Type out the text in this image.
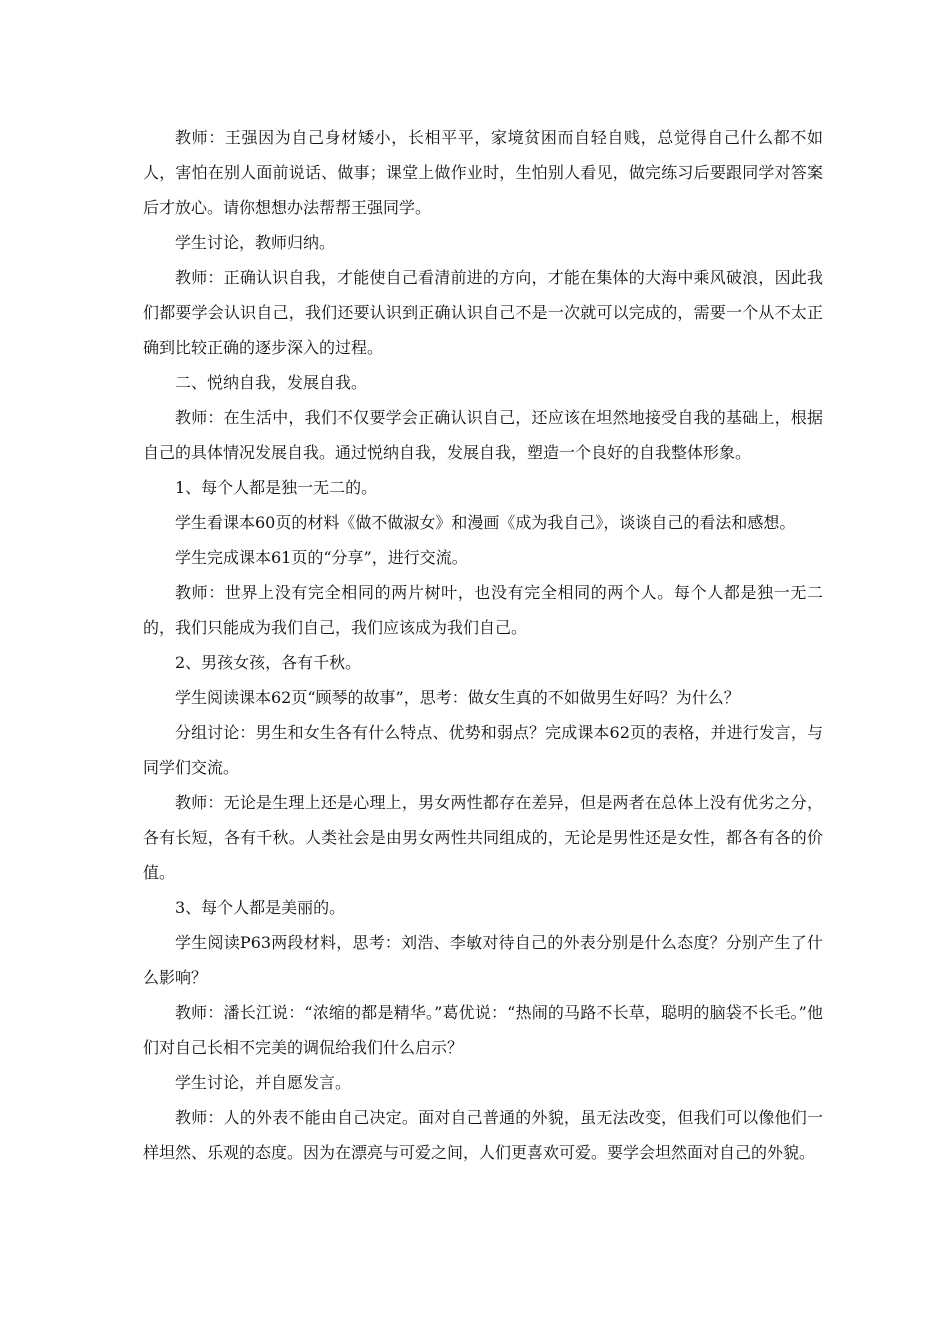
教师：王强因为自己身材矮小，长相平平，家境贫困而自轻自贱，总觉得自己什么都不如人，害怕在别人面前说话、做事；课堂上做作业时，生怕别人看见，做完练习后要跟同学对答案后才放心。请你想想办法帮帮王强同学。

学生讨论，教师归纳。

教师：正确认识自我，才能使自己看清前进的方向，才能在集体的大海中乘风破浪，因此我们都要学会认识自己，我们还要认识到正确认识自己不是一次就可以完成的，需要一个从不太正确到比较正确的逐步深入的过程。

二、悦纳自我，发展自我。

教师：在生活中，我们不仅要学会正确认识自己，还应该在坦然地接受自我的基础上，根据自己的具体情况发展自我。通过悦纳自我，发展自我，塑造一个良好的自我整体形象。

1、每个人都是独一无二的。

学生看课本60页的材料《做不做淑女》和漫画《成为我自己》，谈谈自己的看法和感想。

学生完成课本61页的“分享”，进行交流。

教师：世界上没有完全相同的两片树叶，也没有完全相同的两个人。每个人都是独一无二的，我们只能成为我们自己，我们应该成为我们自己。

2、男孩女孩，各有千秋。

学生阅读课本62页“顾琴的故事”，思考：做女生真的不如做男生好吗？为什么？

分组讨论：男生和女生各有什么特点、优势和弱点？完成课本62页的表格，并进行发言，与同学们交流。

教师：无论是生理上还是心理上，男女两性都存在差异，但是两者在总体上没有优劣之分，各有长短，各有千秋。人类社会是由男女两性共同组成的，无论是男性还是女性，都各有各的价值。

3、每个人都是美丽的。

学生阅读P63两段材料，思考：刘浩、李敏对待自己的外表分别是什么态度？分别产生了什么影响？

教师：潘长江说：“浓缩的都是精华。”葛优说：“热闹的马路不长草，聪明的脑袋不长毛。”他们对自己长相不完美的调侃给我们什么启示？

学生讨论，并自愿发言。

教师：人的外表不能由自己决定。面对自己普通的外貌，虽无法改变，但我们可以像他们一样坦然、乐观的态度。因为在漂亮与可爱之间，人们更喜欢可爱。要学会坦然面对自己的外貌。
